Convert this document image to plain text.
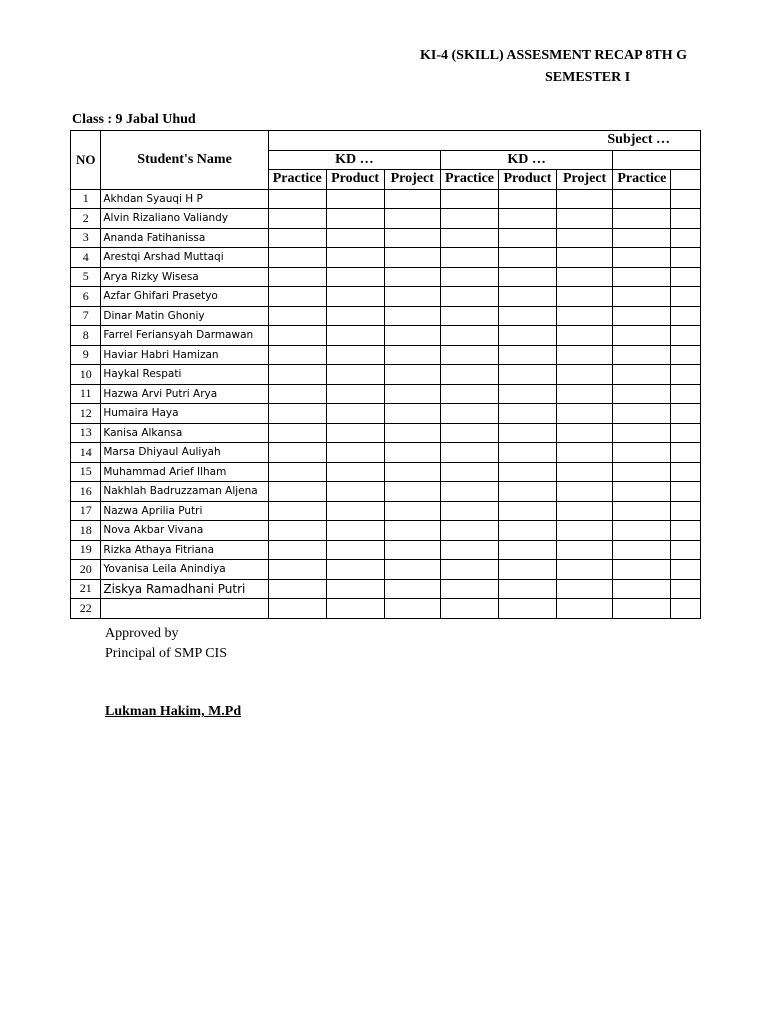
KI-4 (SKILL) ASSESMENT RECAP 8TH G
SEMESTER I
Class : 9 Jabal Uhud
NO	Student's Name	Subject …							
		KD …			KD …				
		Practice	Product	Project	Practice	Product	Project	Practice	
1	Akhdan Syauqi H P								
2	Alvin Rizaliano Valiandy								
3	Ananda Fatihanissa								
4	Arestqi Arshad Muttaqi								
5	Arya Rizky Wisesa								
6	Azfar Ghifari Prasetyo								
7	Dinar Matin Ghoniy								
8	Farrel Feriansyah Darmawan								
9	Haviar Habri Hamizan								
10	Haykal Respati								
11	Hazwa Arvi Putri Arya								
12	Humaira Haya								
13	Kanisa Alkansa								
14	Marsa Dhiyaul Auliyah								
15	Muhammad Arief Ilham								
16	Nakhlah Badruzzaman Aljena								
17	Nazwa Aprilia Putri								
18	Nova Akbar Vivana								
19	Rizka Athaya Fitriana								
20	Yovanisa Leila Anindiya								
21	Ziskya Ramadhani Putri								
22									
Approved by
Principal of SMP CIS
Lukman Hakim, M.Pd
